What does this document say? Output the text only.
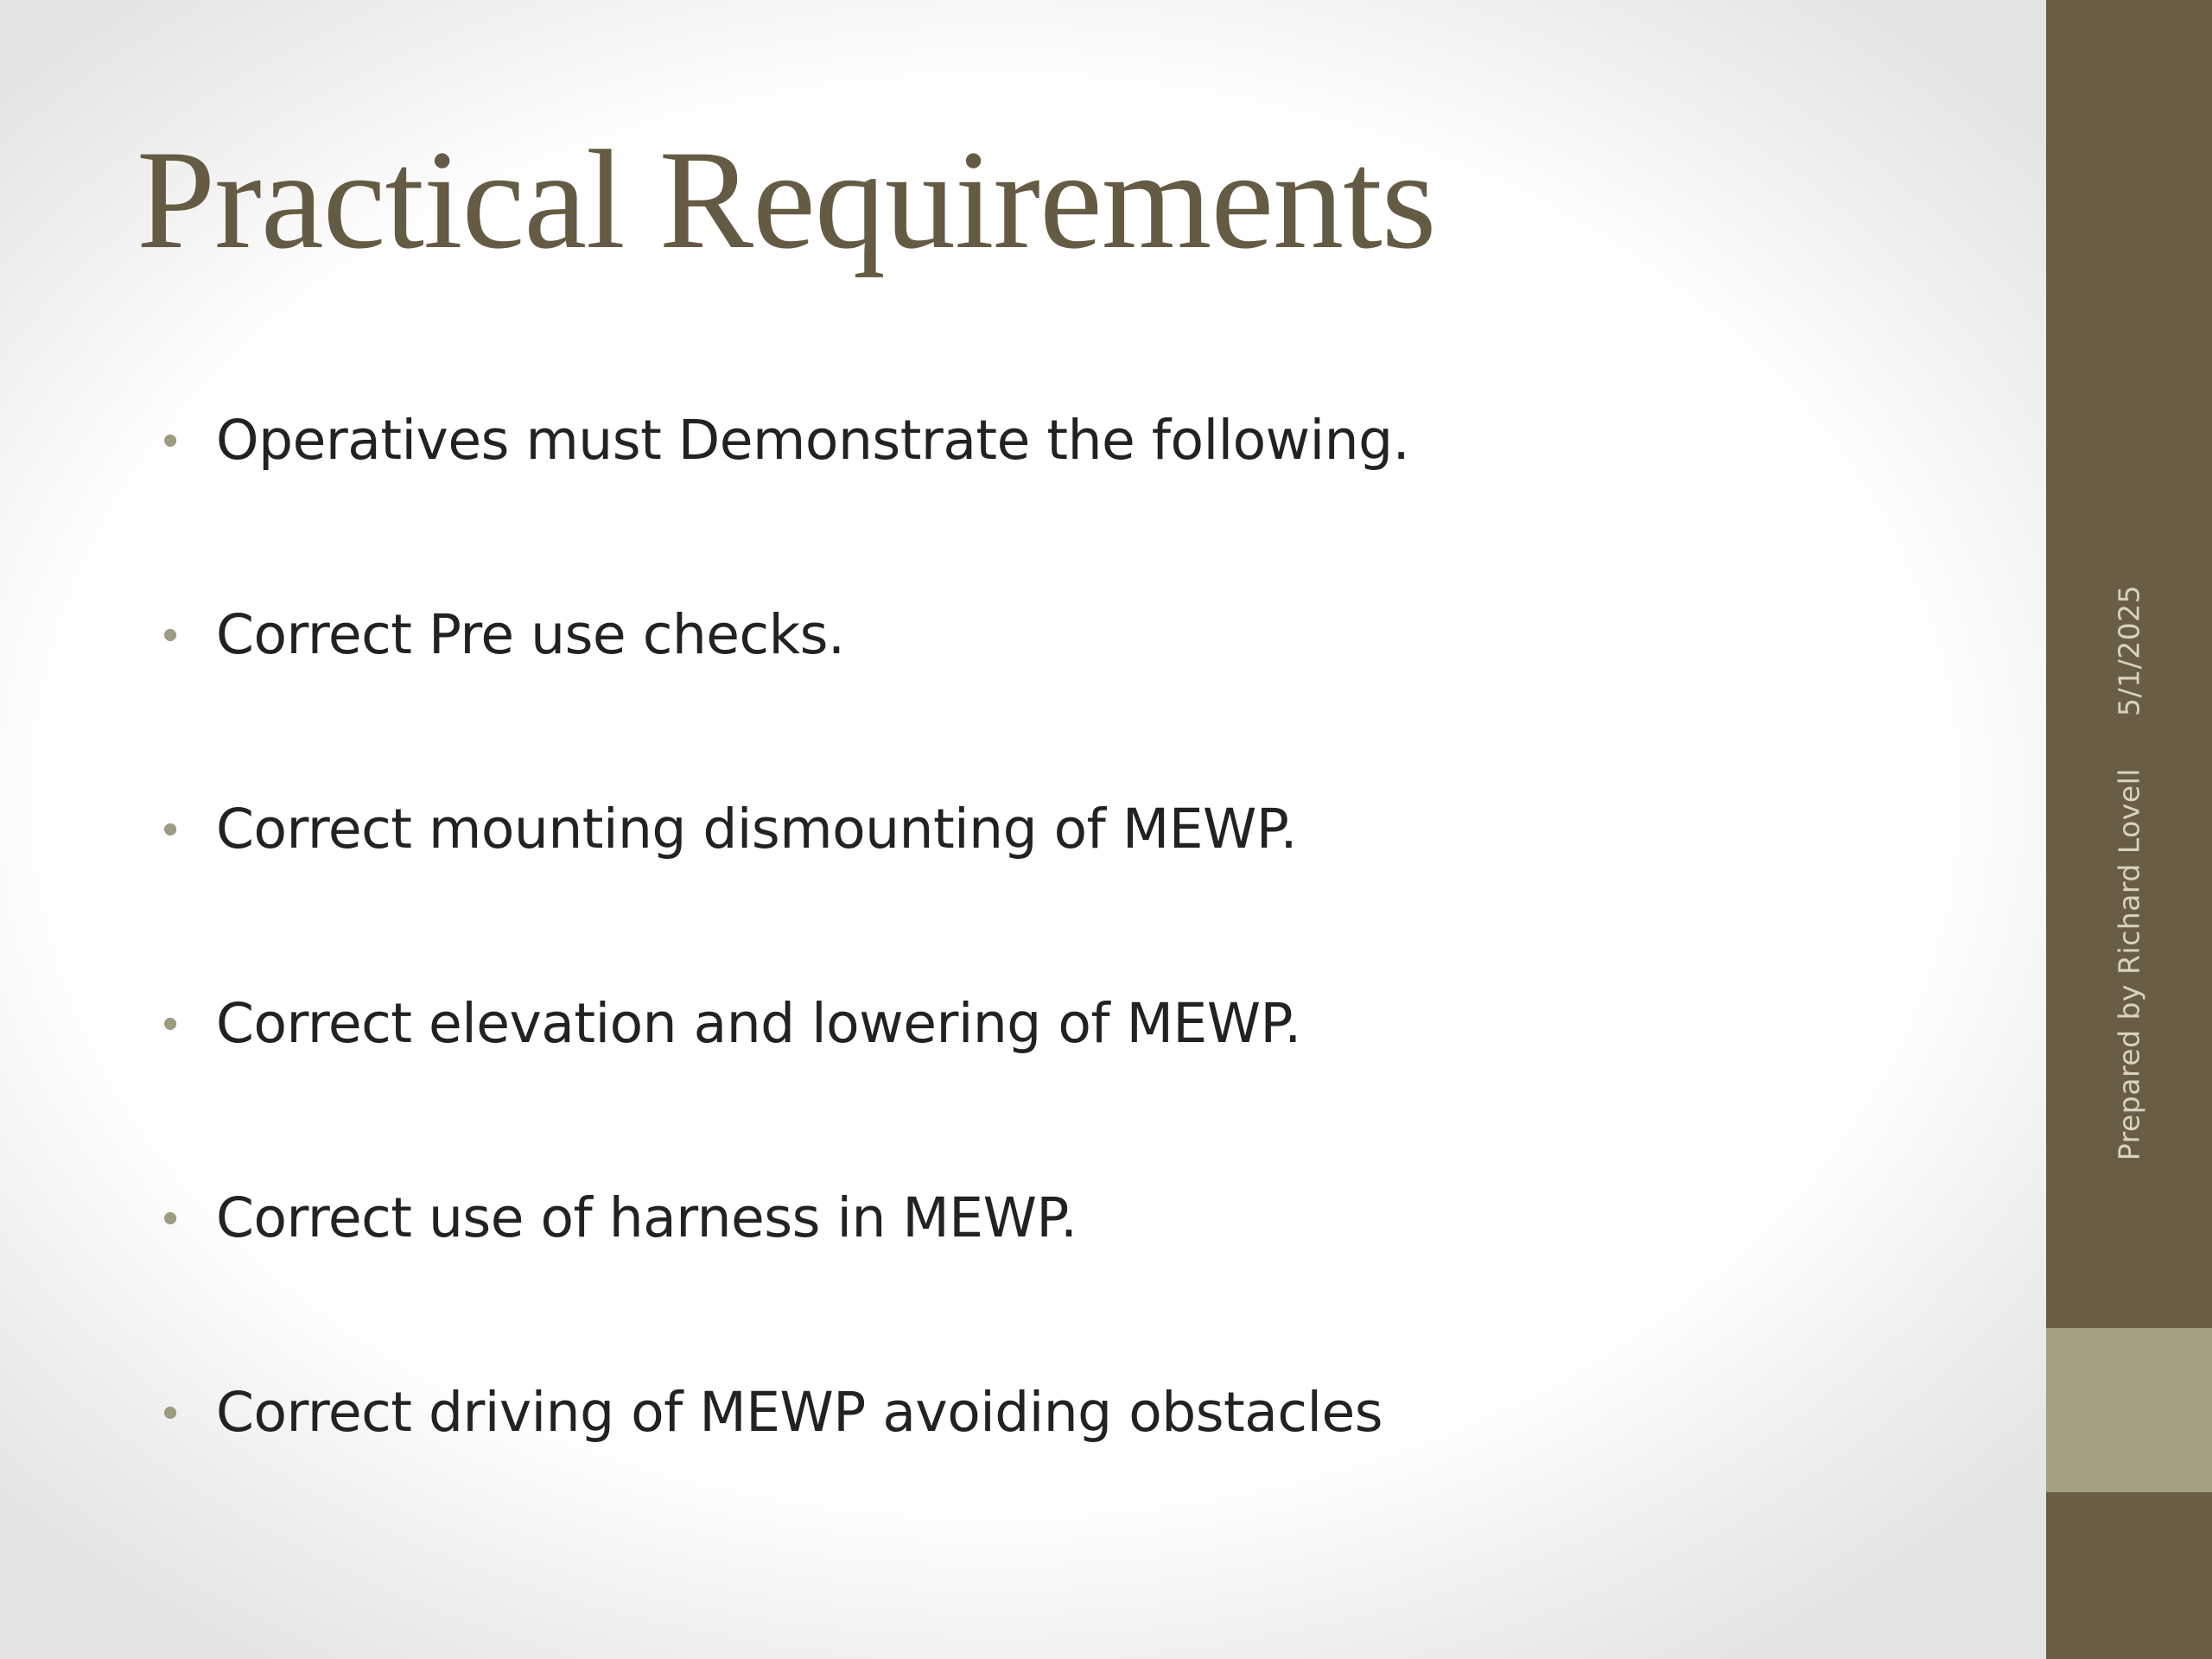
Practical Requirements
• Operatives must Demonstrate the following.
• Correct Pre use checks.
• Correct mounting dismounting of MEWP.
• Correct elevation and lowering of MEWP.
• Correct use of harness in MEWP.
• Correct driving of MEWP avoiding obstacles
Prepared by Richard Lovell5/1/2025
